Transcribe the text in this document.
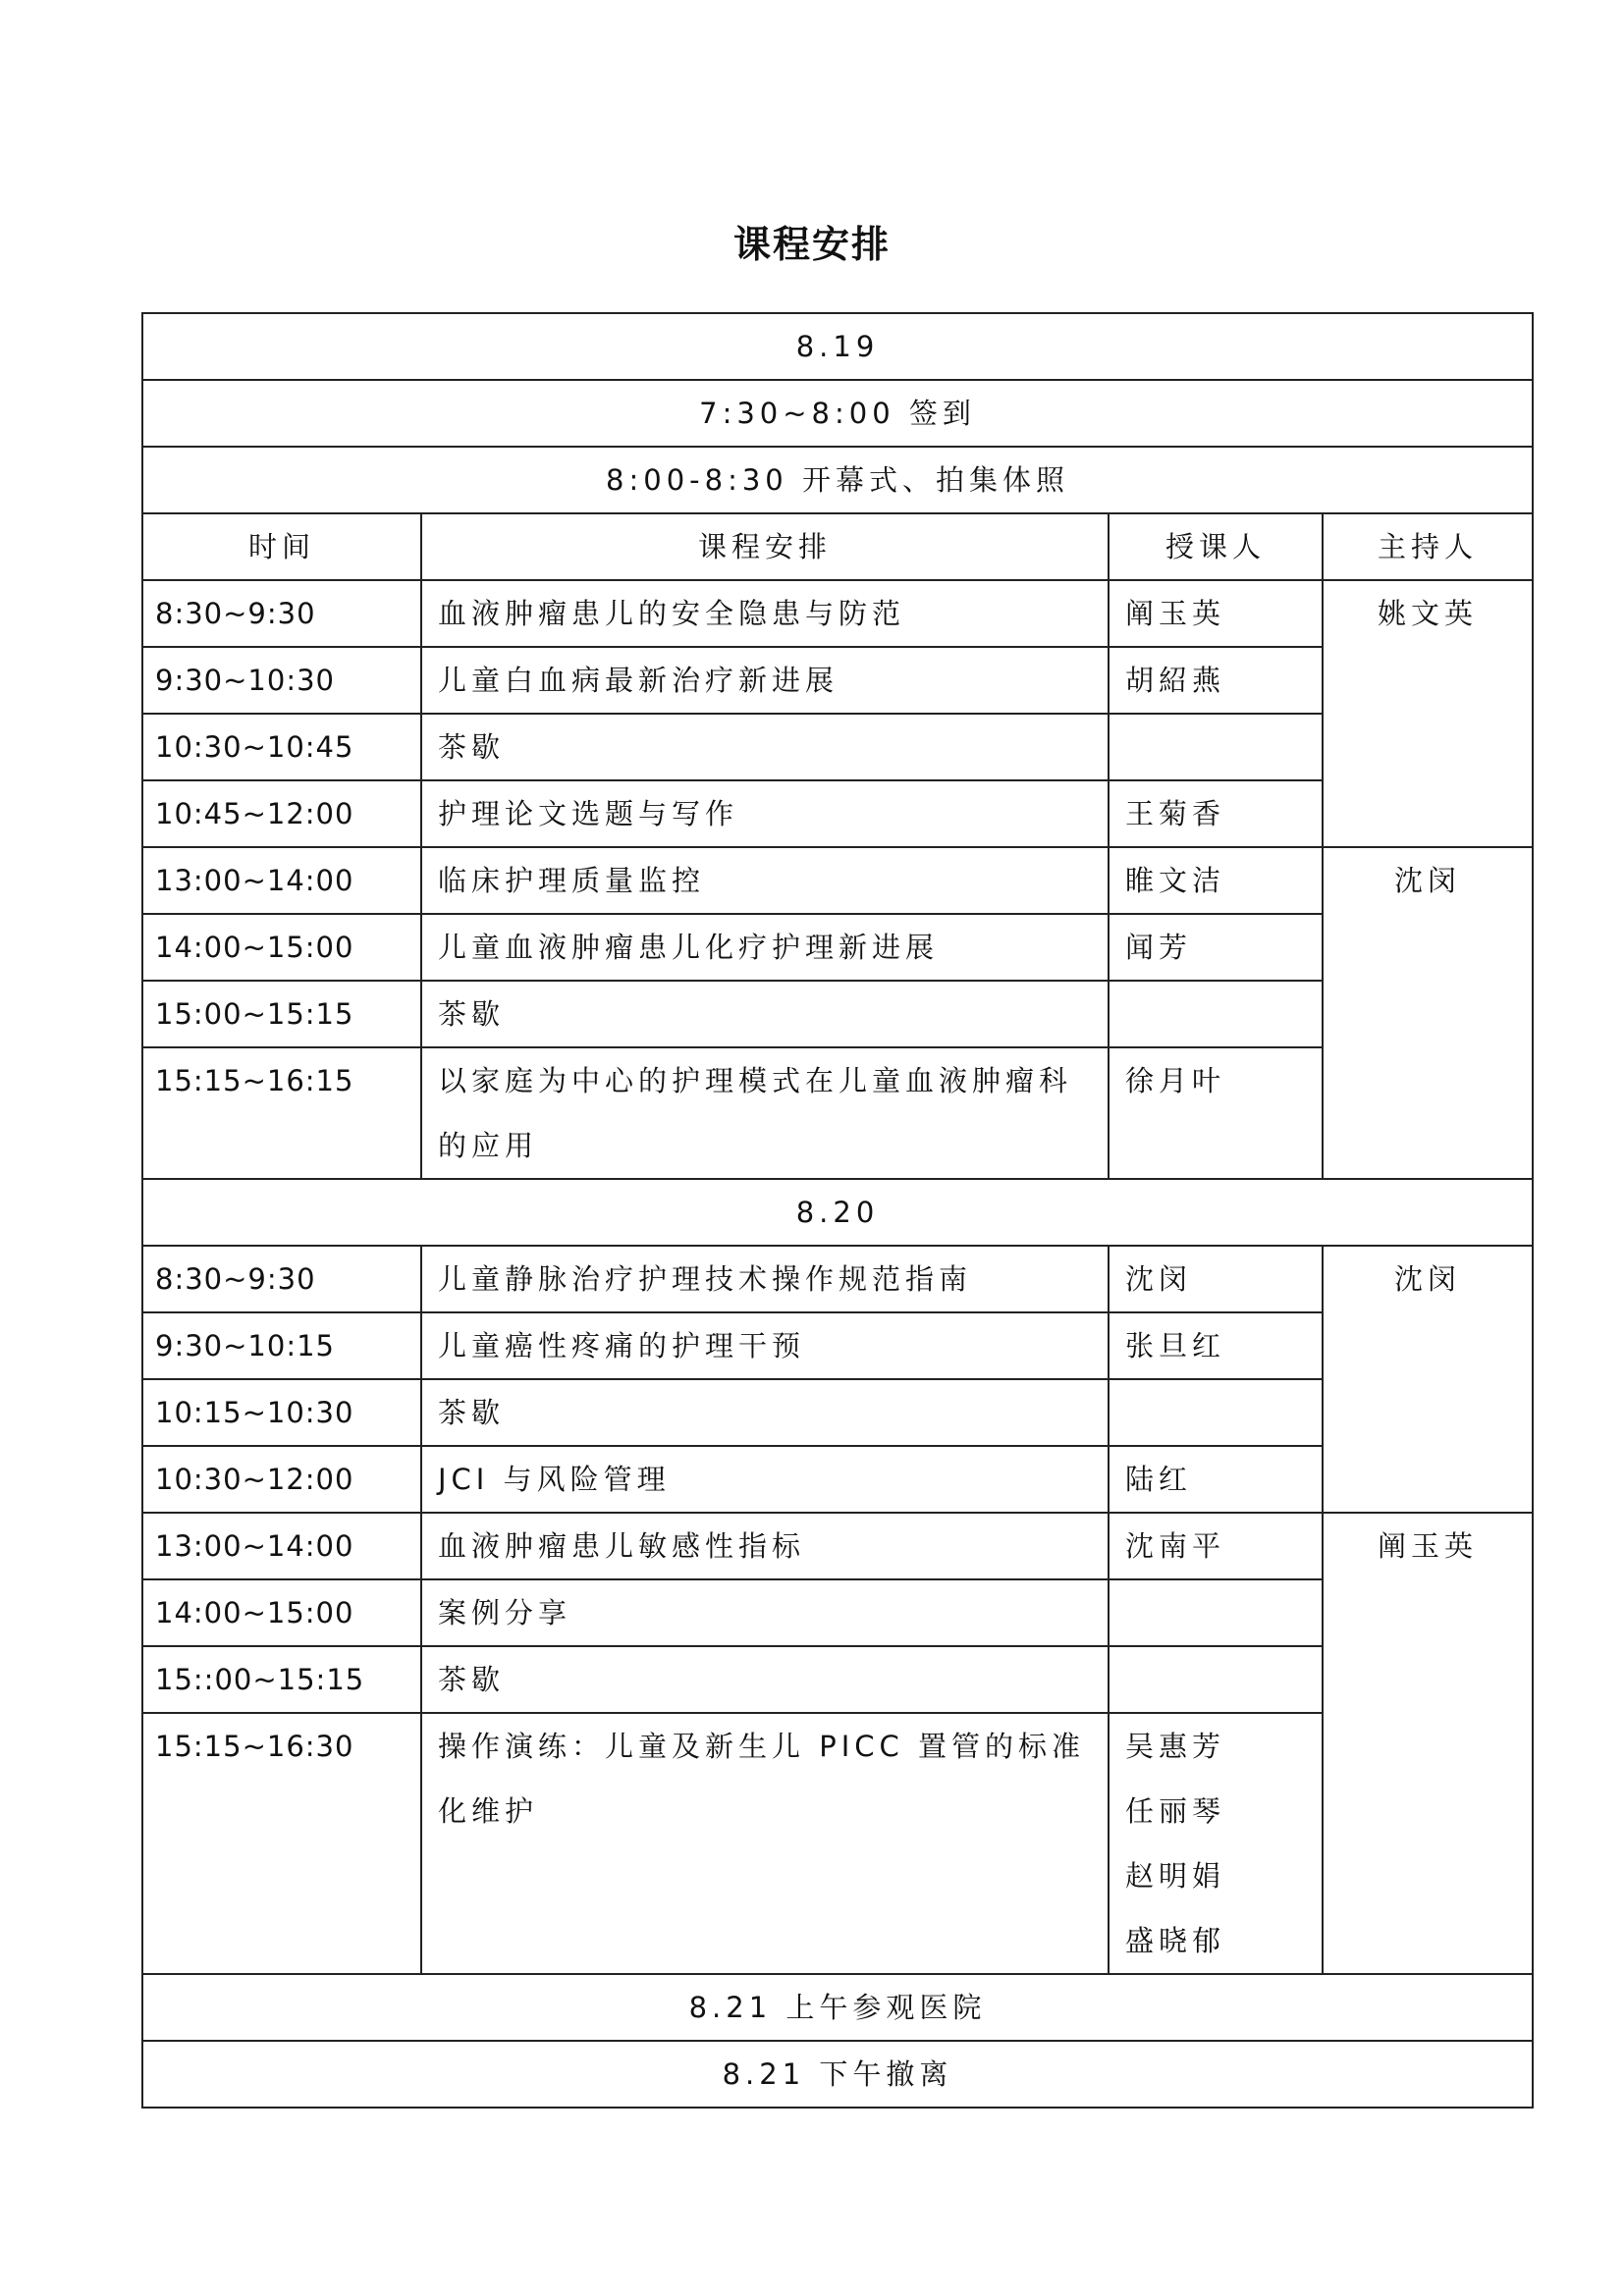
课程安排
8.19			
7:30~8:00 签到			
8:00-8:30 开幕式、拍集体照			
时间	课程安排	授课人	主持人
8:30~9:30	血液肿瘤患儿的安全隐患与防范	阐玉英	姚文英
9:30~10:30	儿童白血病最新治疗新进展	胡紹燕	
10:30~10:45	茶歇		
10:45~12:00	护理论文选题与写作	王菊香	
13:00~14:00	临床护理质量监控	睢文洁	沈闵
14:00~15:00	儿童血液肿瘤患儿化疗护理新进展	闻芳	
15:00~15:15	茶歇		
15:15~16:15	以家庭为中心的护理模式在儿童血液肿瘤科的应用	徐月叶	
8.20			
8:30~9:30	儿童静脉治疗护理技术操作规范指南	沈闵	沈闵
9:30~10:15	儿童癌性疼痛的护理干预	张旦红	
10:15~10:30	茶歇		
10:30~12:00	JCI 与风险管理	陆红	
13:00~14:00	血液肿瘤患儿敏感性指标	沈南平	阐玉英
14:00~15:00	案例分享		
15::00~15:15	茶歇		
15:15~16:30	操作演练：儿童及新生儿 PICC 置管的标准化维护	吴惠芳
任丽琴
赵明娟
盛晓郁	

8.21 上午参观医院			
8.21 下午撤离			
